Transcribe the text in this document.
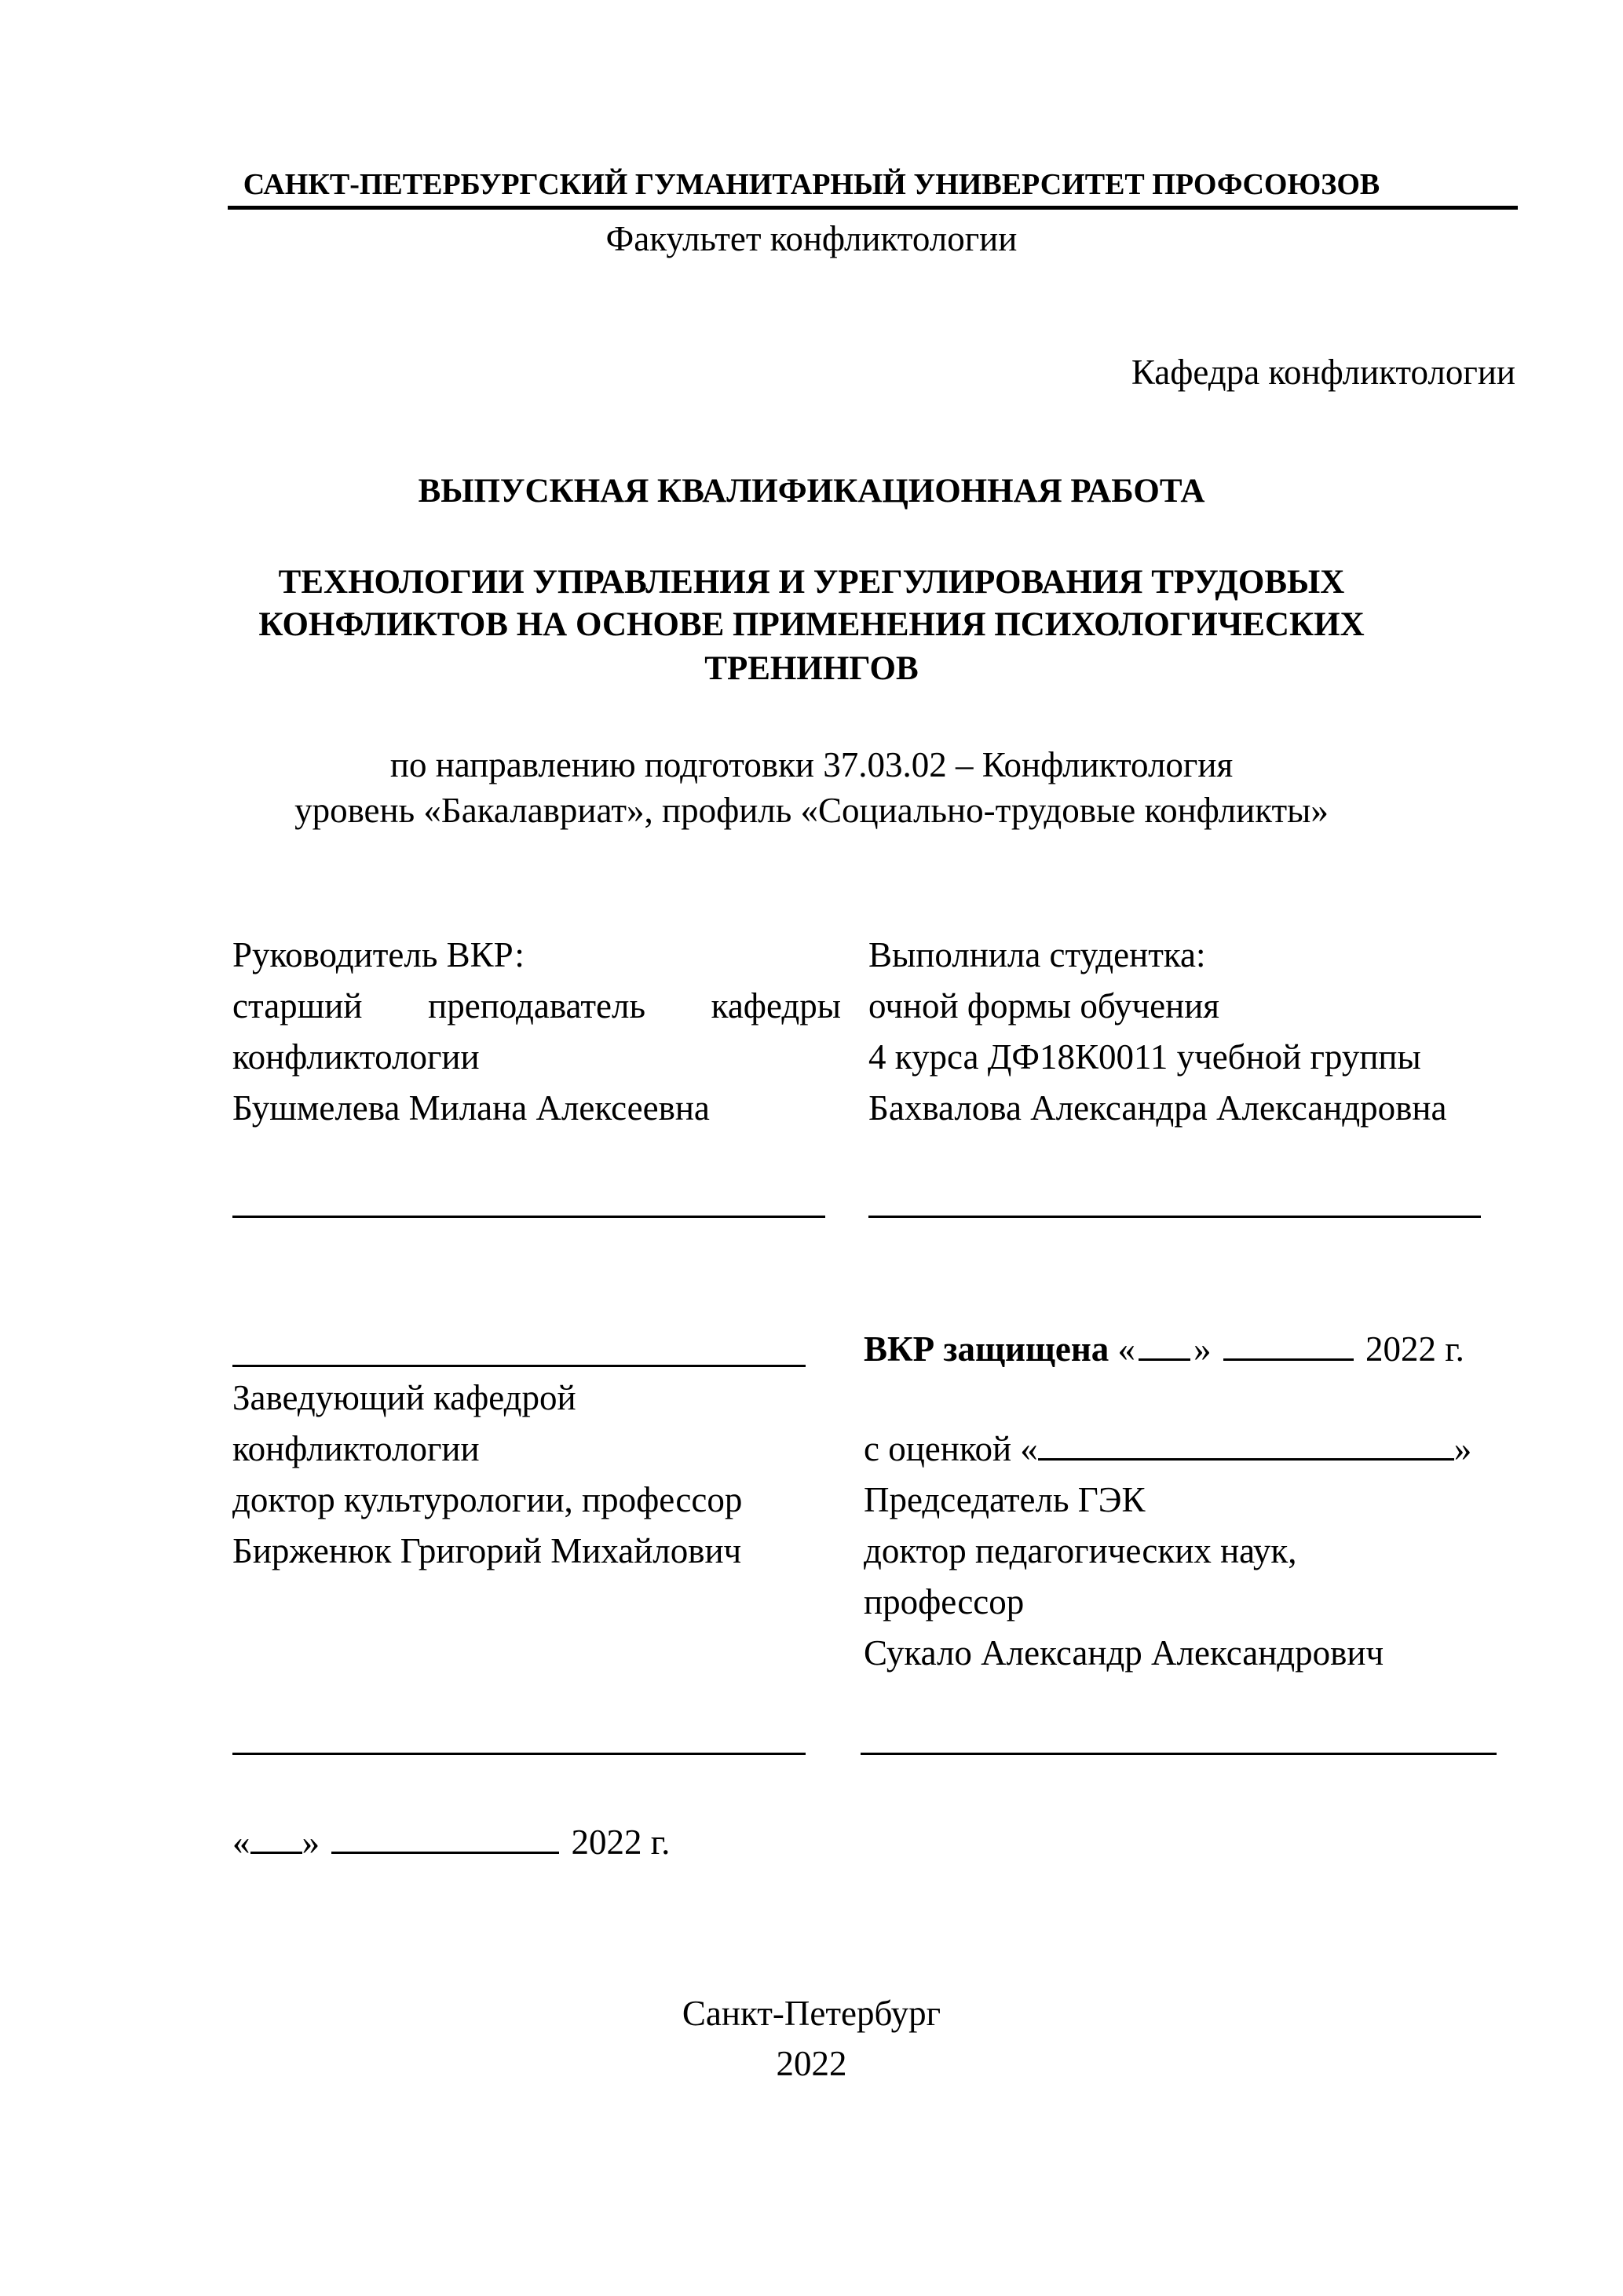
САНКТ-ПЕТЕРБУРГСКИЙ ГУМАНИТАРНЫЙ УНИВЕРСИТЕТ ПРОФСОЮЗОВ
Факультет конфликтологии
Кафедра конфликтологии
ВЫПУСКНАЯ КВАЛИФИКАЦИОННАЯ РАБОТА
ТЕХНОЛОГИИ УПРАВЛЕНИЯ И УРЕГУЛИРОВАНИЯ ТРУДОВЫХ
КОНФЛИКТОВ НА ОСНОВЕ ПРИМЕНЕНИЯ ПСИХОЛОГИЧЕСКИХ
ТРЕНИНГОВ
по направлению подготовки 37.03.02 – Конфликтология
уровень «Бакалавриат», профиль «Социально-трудовые конфликты»
Руководитель ВКР:
старший преподаватель кафедры
конфликтологии
Бушмелева Милана Алексеевна
Выполнила студентка:
очной формы обучения
4 курса ДФ18К0011 учебной группы
Бахвалова Александра Александровна
ВКР защищена « »	2022 г.
Заведующий кафедрой
конфликтологии
доктор культурологии, профессор
Бирженюк Григорий Михайлович
с оценкой «	»
Председатель ГЭК
доктор педагогических наук,
профессор
Сукало Александр Александрович
« »	2022 г.
Санкт-Петербург
2022
